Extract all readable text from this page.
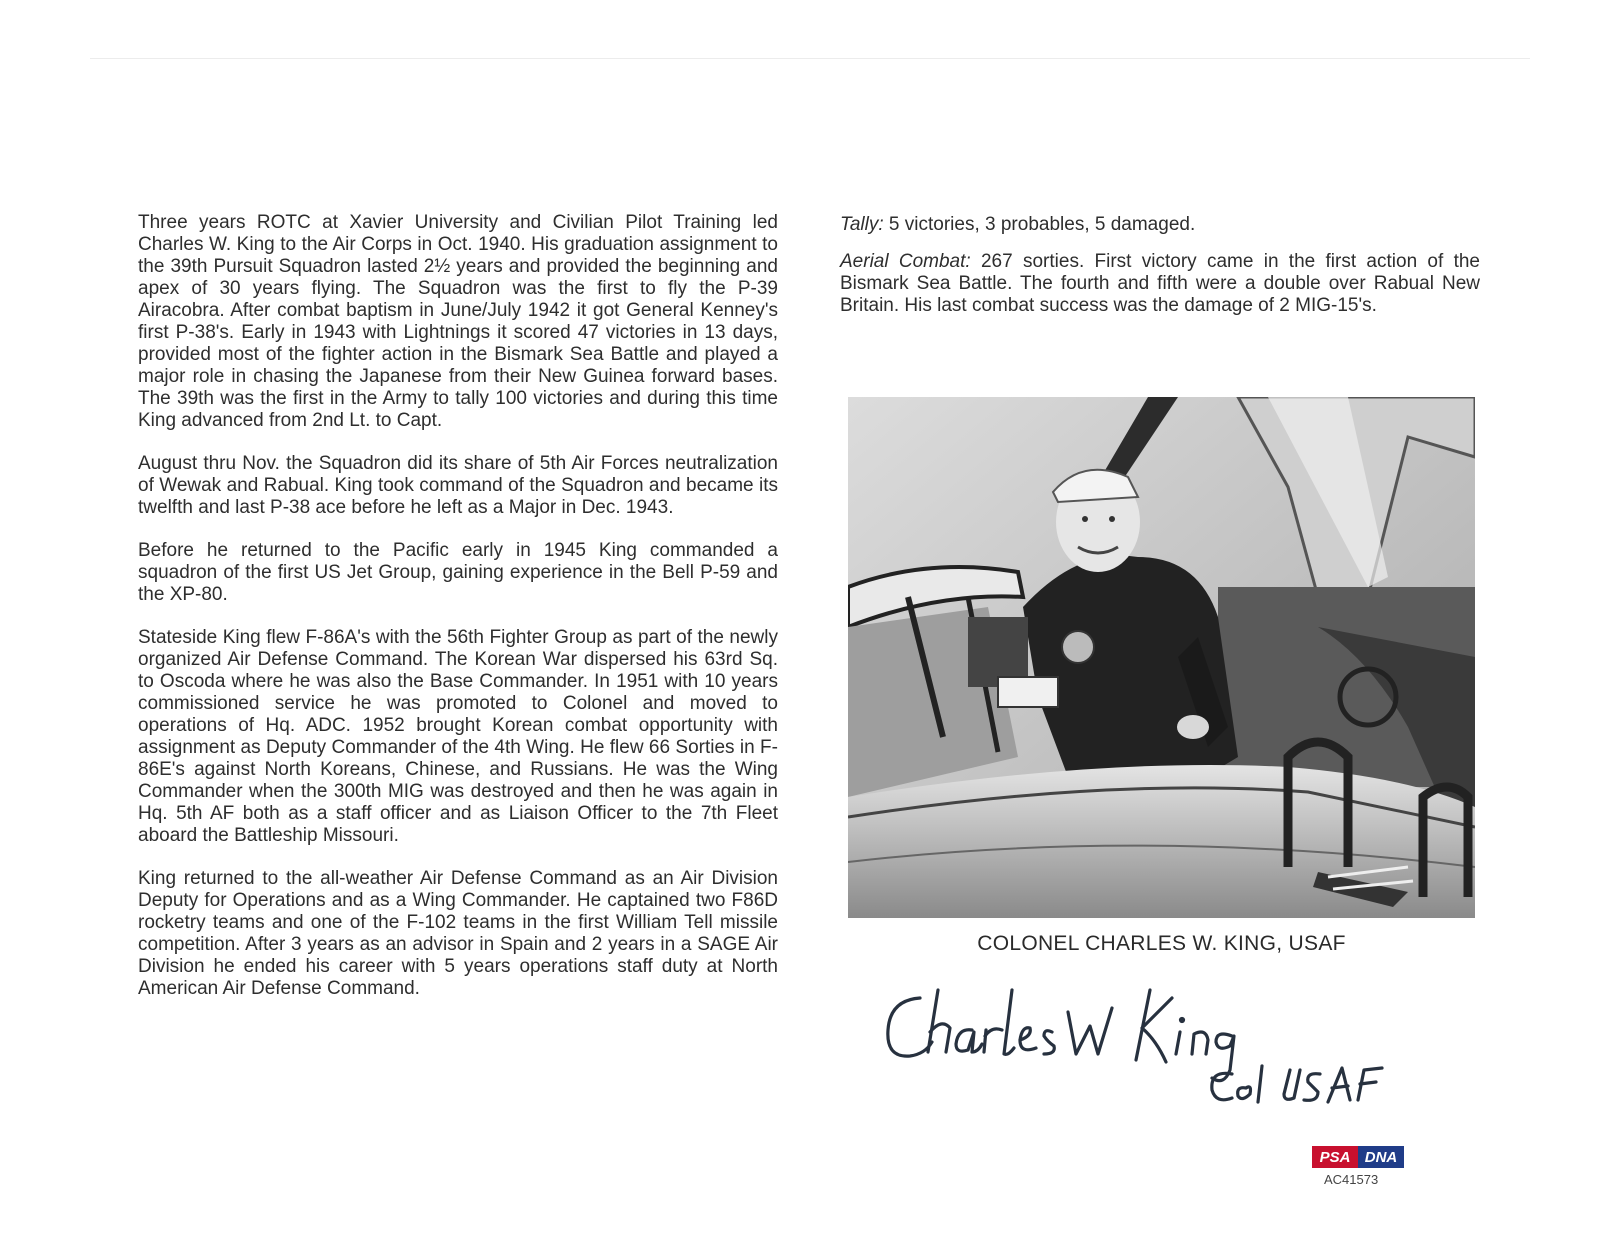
Three years ROTC at Xavier University and Civilian Pilot Training led Charles W. King to the Air Corps in Oct. 1940. His graduation assignment to the 39th Pursuit Squadron lasted 2½ years and provided the beginning and apex of 30 years flying. The Squadron was the first to fly the P-39 Airacobra. After combat baptism in June/July 1942 it got General Kenney's first P-38's. Early in 1943 with Lightnings it scored 47 victories in 13 days, provided most of the fighter action in the Bismark Sea Battle and played a major role in chasing the Japanese from their New Guinea forward bases. The 39th was the first in the Army to tally 100 victories and during this time King advanced from 2nd Lt. to Capt.

August thru Nov. the Squadron did its share of 5th Air Forces neutralization of Wewak and Rabual. King took command of the Squadron and became its twelfth and last P-38 ace before he left as a Major in Dec. 1943.

Before he returned to the Pacific early in 1945 King commanded a squadron of the first US Jet Group, gaining experience in the Bell P-59 and the XP-80.

Stateside King flew F-86A's with the 56th Fighter Group as part of the newly organized Air Defense Command. The Korean War dispersed his 63rd Sq. to Oscoda where he was also the Base Commander. In 1951 with 10 years commissioned service he was promoted to Colonel and moved to operations of Hq. ADC. 1952 brought Korean combat opportunity with assignment as Deputy Commander of the 4th Wing. He flew 66 Sorties in F-86E's against North Koreans, Chinese, and Russians. He was the Wing Commander when the 300th MIG was destroyed and then he was again in Hq. 5th AF both as a staff officer and as Liaison Officer to the 7th Fleet aboard the Battleship Missouri.

King returned to the all-weather Air Defense Command as an Air Division Deputy for Operations and as a Wing Commander. He captained two F86D rocketry teams and one of the F-102 teams in the first William Tell missile competition. After 3 years as an advisor in Spain and 2 years in a SAGE Air Division he ended his career with 5 years operations staff duty at North American Air Defense Command.

Tally: 5 victories, 3 probables, 5 damaged.

Aerial Combat: 267 sorties. First victory came in the first action of the Bismark Sea Battle. The fourth and fifth were a double over Rabual New Britain. His last combat success was the damage of 2 MIG-15's.

COLONEL CHARLES W. KING, USAF
PSA DNA
AC41573
